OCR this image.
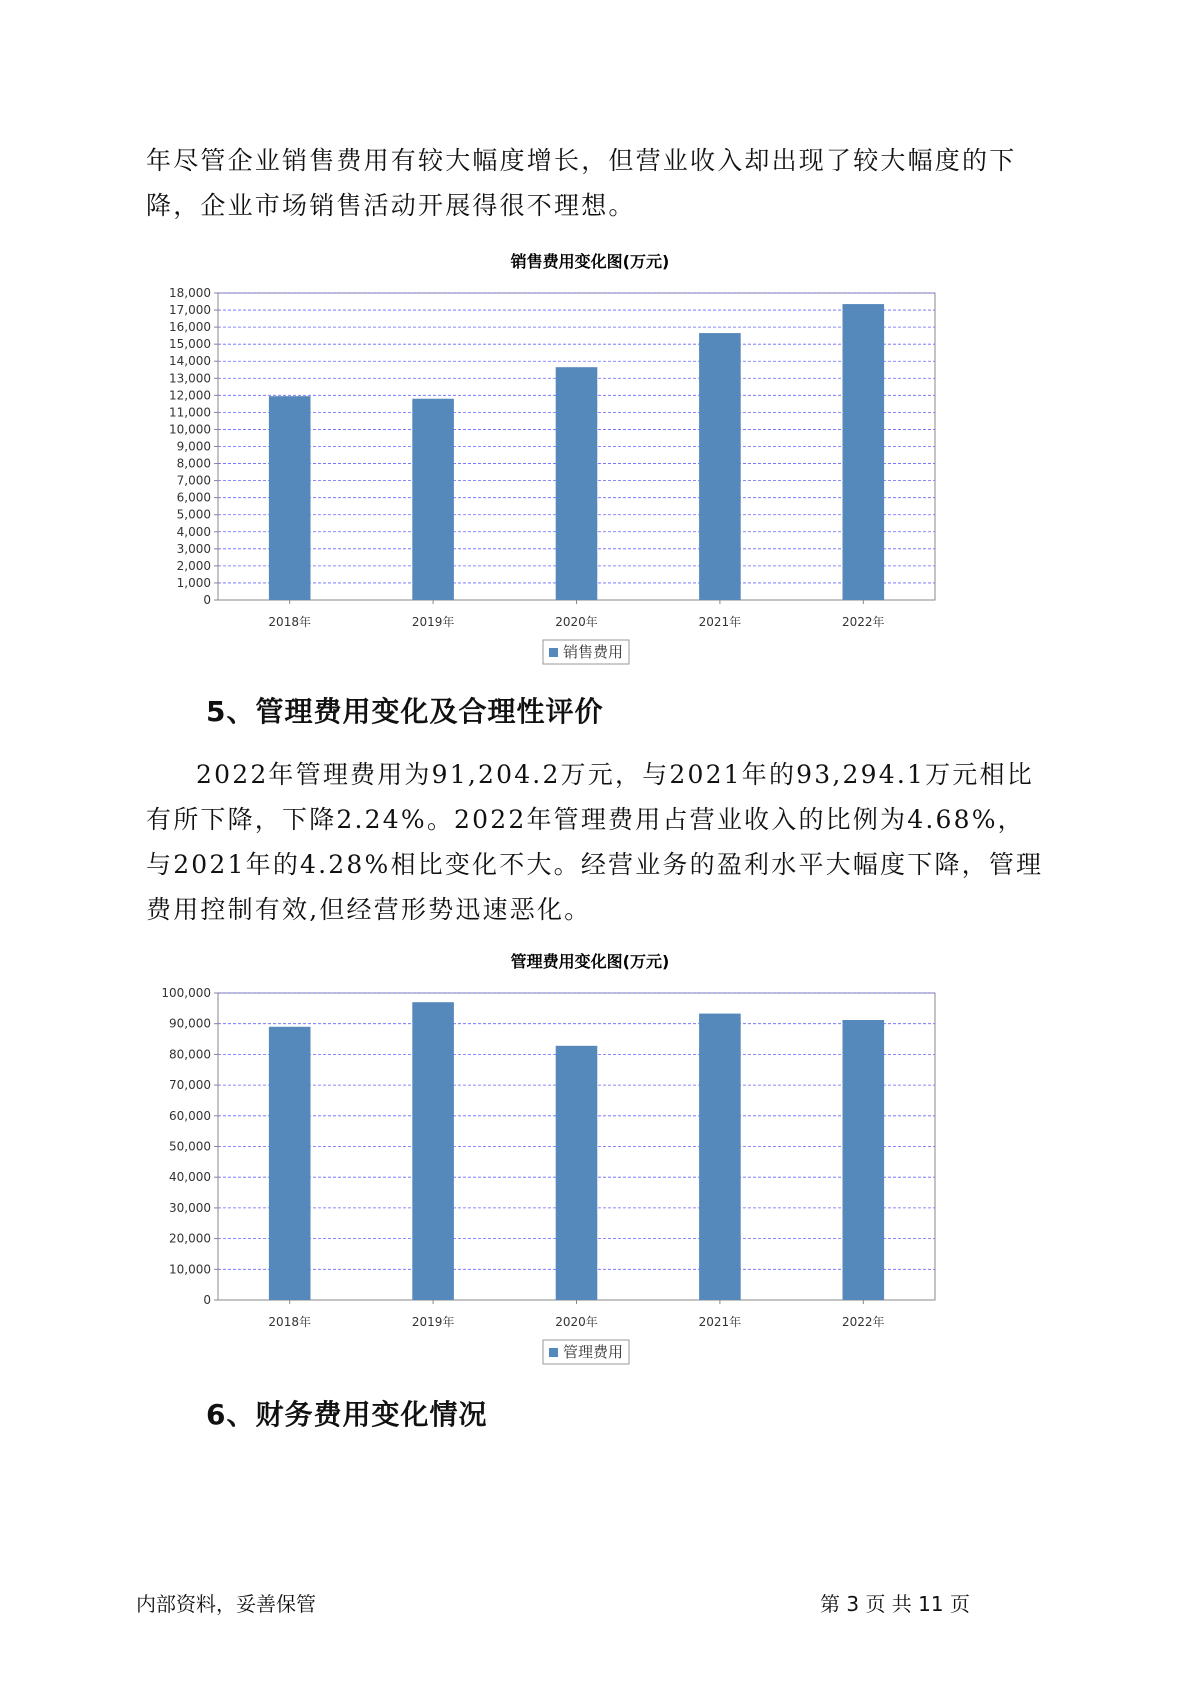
年尽管企业销售费用有较大幅度增长，但营业收入却出现了较大幅度的下降，企业市场销售活动开展得很不理想。

销售费用变化图(万元)
0
1,000
2,000
3,000
4,000
5,000
6,000
7,000
8,000
9,000
10,000
11,000
12,000
13,000
14,000
15,000
16,000
17,000
18,000
2018年	2019年	2020年	2021年	2022年
销售费用
5、管理费用变化及合理性评价

2022年管理费用为91,204.2万元，与2021年的93,294.1万元相比有所下降，下降2.24%。2022年管理费用占营业收入的比例为4.68%，与2021年的4.28%相比变化不大。经营业务的盈利水平大幅度下降，管理费用控制有效,但经营形势迅速恶化。

管理费用变化图(万元)
0
10,000
20,000
30,000
40,000
50,000
60,000
70,000
80,000
90,000
100,000
2018年	2019年	2020年	2021年	2022年
管理费用
6、财务费用变化情况

内部资料，妥善保管	第 3 页 共 11 页
